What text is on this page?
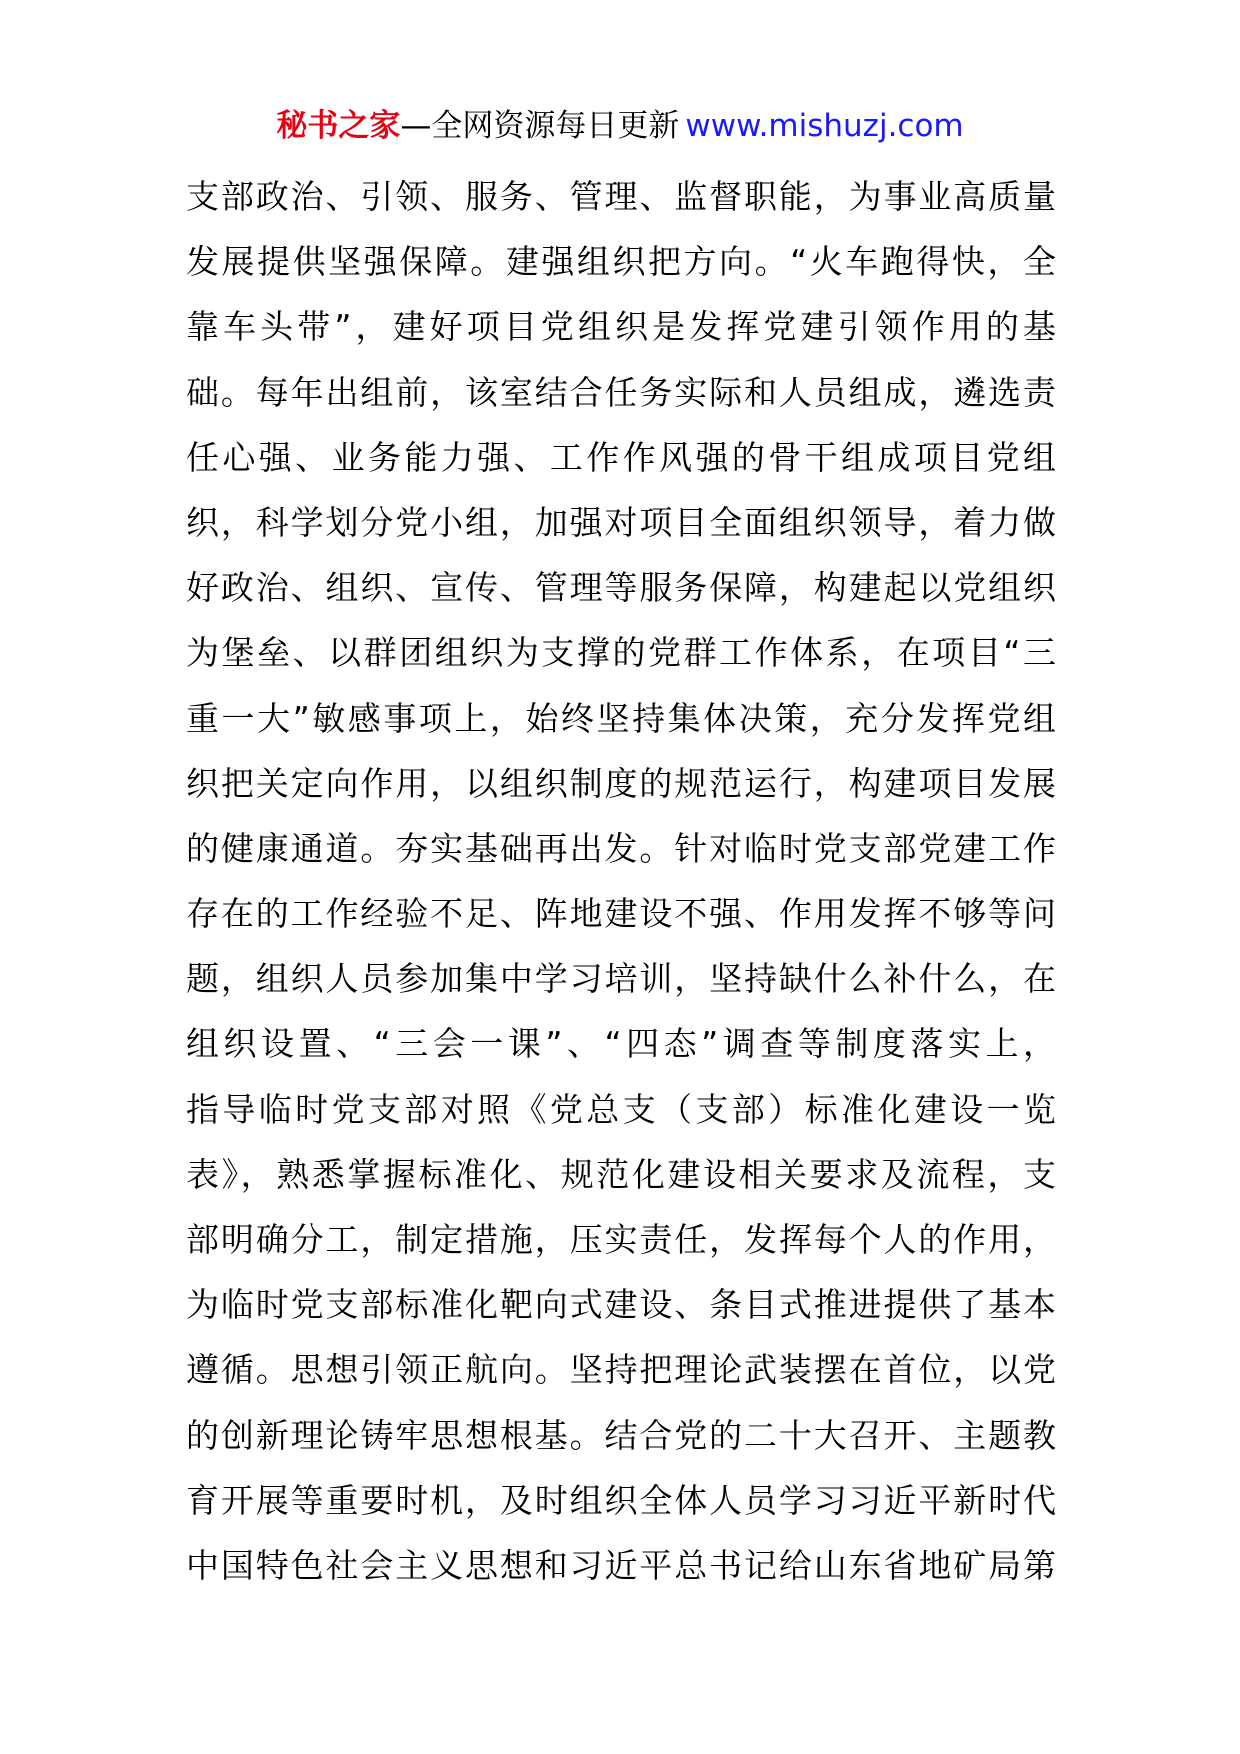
秘书之家—全网资源每日更新 www.mishuzj.com
支部政治、引领、服务、管理、监督职能，为事业高质量
发展提供坚强保障。建强组织把方向。“火车跑得快，全
靠车头带”，建好项目党组织是发挥党建引领作用的基
础。每年出组前，该室结合任务实际和人员组成，遴选责
任心强、业务能力强、工作作风强的骨干组成项目党组
织，科学划分党小组，加强对项目全面组织领导，着力做
好政治、组织、宣传、管理等服务保障，构建起以党组织
为堡垒、以群团组织为支撑的党群工作体系，在项目“三
重一大”敏感事项上，始终坚持集体决策，充分发挥党组
织把关定向作用，以组织制度的规范运行，构建项目发展
的健康通道。夯实基础再出发。针对临时党支部党建工作
存在的工作经验不足、阵地建设不强、作用发挥不够等问
题，组织人员参加集中学习培训，坚持缺什么补什么，在
组织设置、“三会一课”、“四态”调查等制度落实上，
指导临时党支部对照《党总支（支部）标准化建设一览
表》，熟悉掌握标准化、规范化建设相关要求及流程，支
部明确分工，制定措施，压实责任，发挥每个人的作用，
为临时党支部标准化靶向式建设、条目式推进提供了基本
遵循。思想引领正航向。坚持把理论武装摆在首位，以党
的创新理论铸牢思想根基。结合党的二十大召开、主题教
育开展等重要时机，及时组织全体人员学习习近平新时代
中国特色社会主义思想和习近平总书记给山东省地矿局第
